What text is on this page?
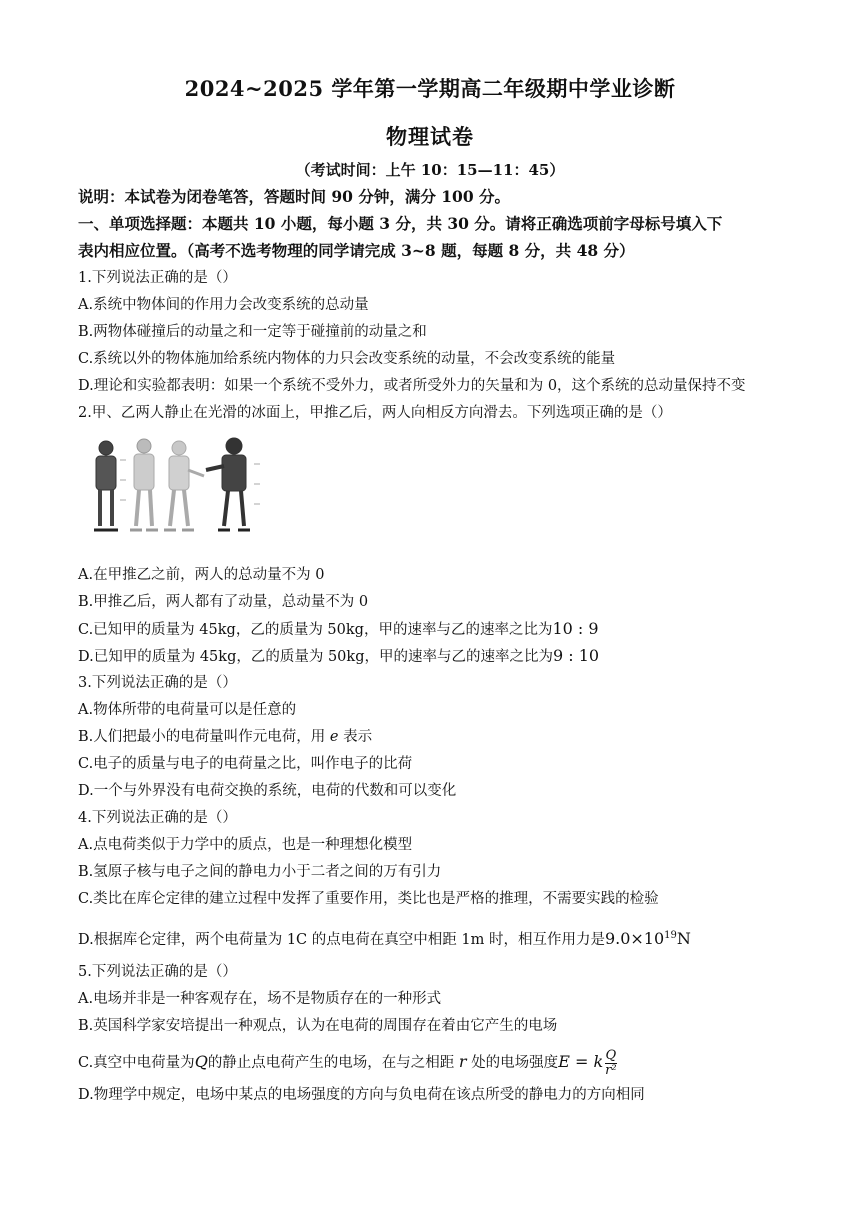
2024~2025 学年第一学期高二年级期中学业诊断
物理试卷
（考试时间：上午 10：15—11：45）
说明：本试卷为闭卷笔答，答题时间 90 分钟，满分 100 分。
一、单项选择题：本题共 10 小题，每小题 3 分，共 30 分。请将正确选项前字母标号填入下
表内相应位置。（高考不选考物理的同学请完成 3~8 题，每题 8 分，共 48 分）
1.下列说法正确的是（）
A.系统中物体间的作用力会改变系统的总动量
B.两物体碰撞后的动量之和一定等于碰撞前的动量之和
C.系统以外的物体施加给系统内物体的力只会改变系统的动量，不会改变系统的能量
D.理论和实验都表明：如果一个系统不受外力，或者所受外力的矢量和为 0，这个系统的总动量保持不变
2.甲、乙两人静止在光滑的冰面上，甲推乙后，两人向相反方向滑去。下列选项正确的是（）
A.在甲推乙之前，两人的总动量不为 0
B.甲推乙后，两人都有了动量，总动量不为 0
C.已知甲的质量为 45kg，乙的质量为 50kg，甲的速率与乙的速率之比为10 : 9
D.已知甲的质量为 45kg，乙的质量为 50kg，甲的速率与乙的速率之比为9 : 10
3.下列说法正确的是（）
A.物体所带的电荷量可以是任意的
B.人们把最小的电荷量叫作元电荷，用 e 表示
C.电子的质量与电子的电荷量之比，叫作电子的比荷
D.一个与外界没有电荷交换的系统，电荷的代数和可以变化
4.下列说法正确的是（）
A.点电荷类似于力学中的质点，也是一种理想化模型
B.氢原子核与电子之间的静电力小于二者之间的万有引力
C.类比在库仑定律的建立过程中发挥了重要作用，类比也是严格的推理，不需要实践的检验
D.根据库仑定律，两个电荷量为 1C 的点电荷在真空中相距 1m 时，相互作用力是$9.0\times 10^{19}N$
5.下列说法正确的是（）
A.电场并非是一种客观存在，场不是物质存在的一种形式
B.英国科学家安培提出一种观点，认为在电荷的周围存在着由它产生的电场
C.真空中电荷量为Q的静止点电荷产生的电场，在与之相距 r 处的电场强度E = k $\frac{Q}{\text{r²}}$
D.物理学中规定，电场中某点的电场强度的方向与负电荷在该点所受的静电力的方向相同
